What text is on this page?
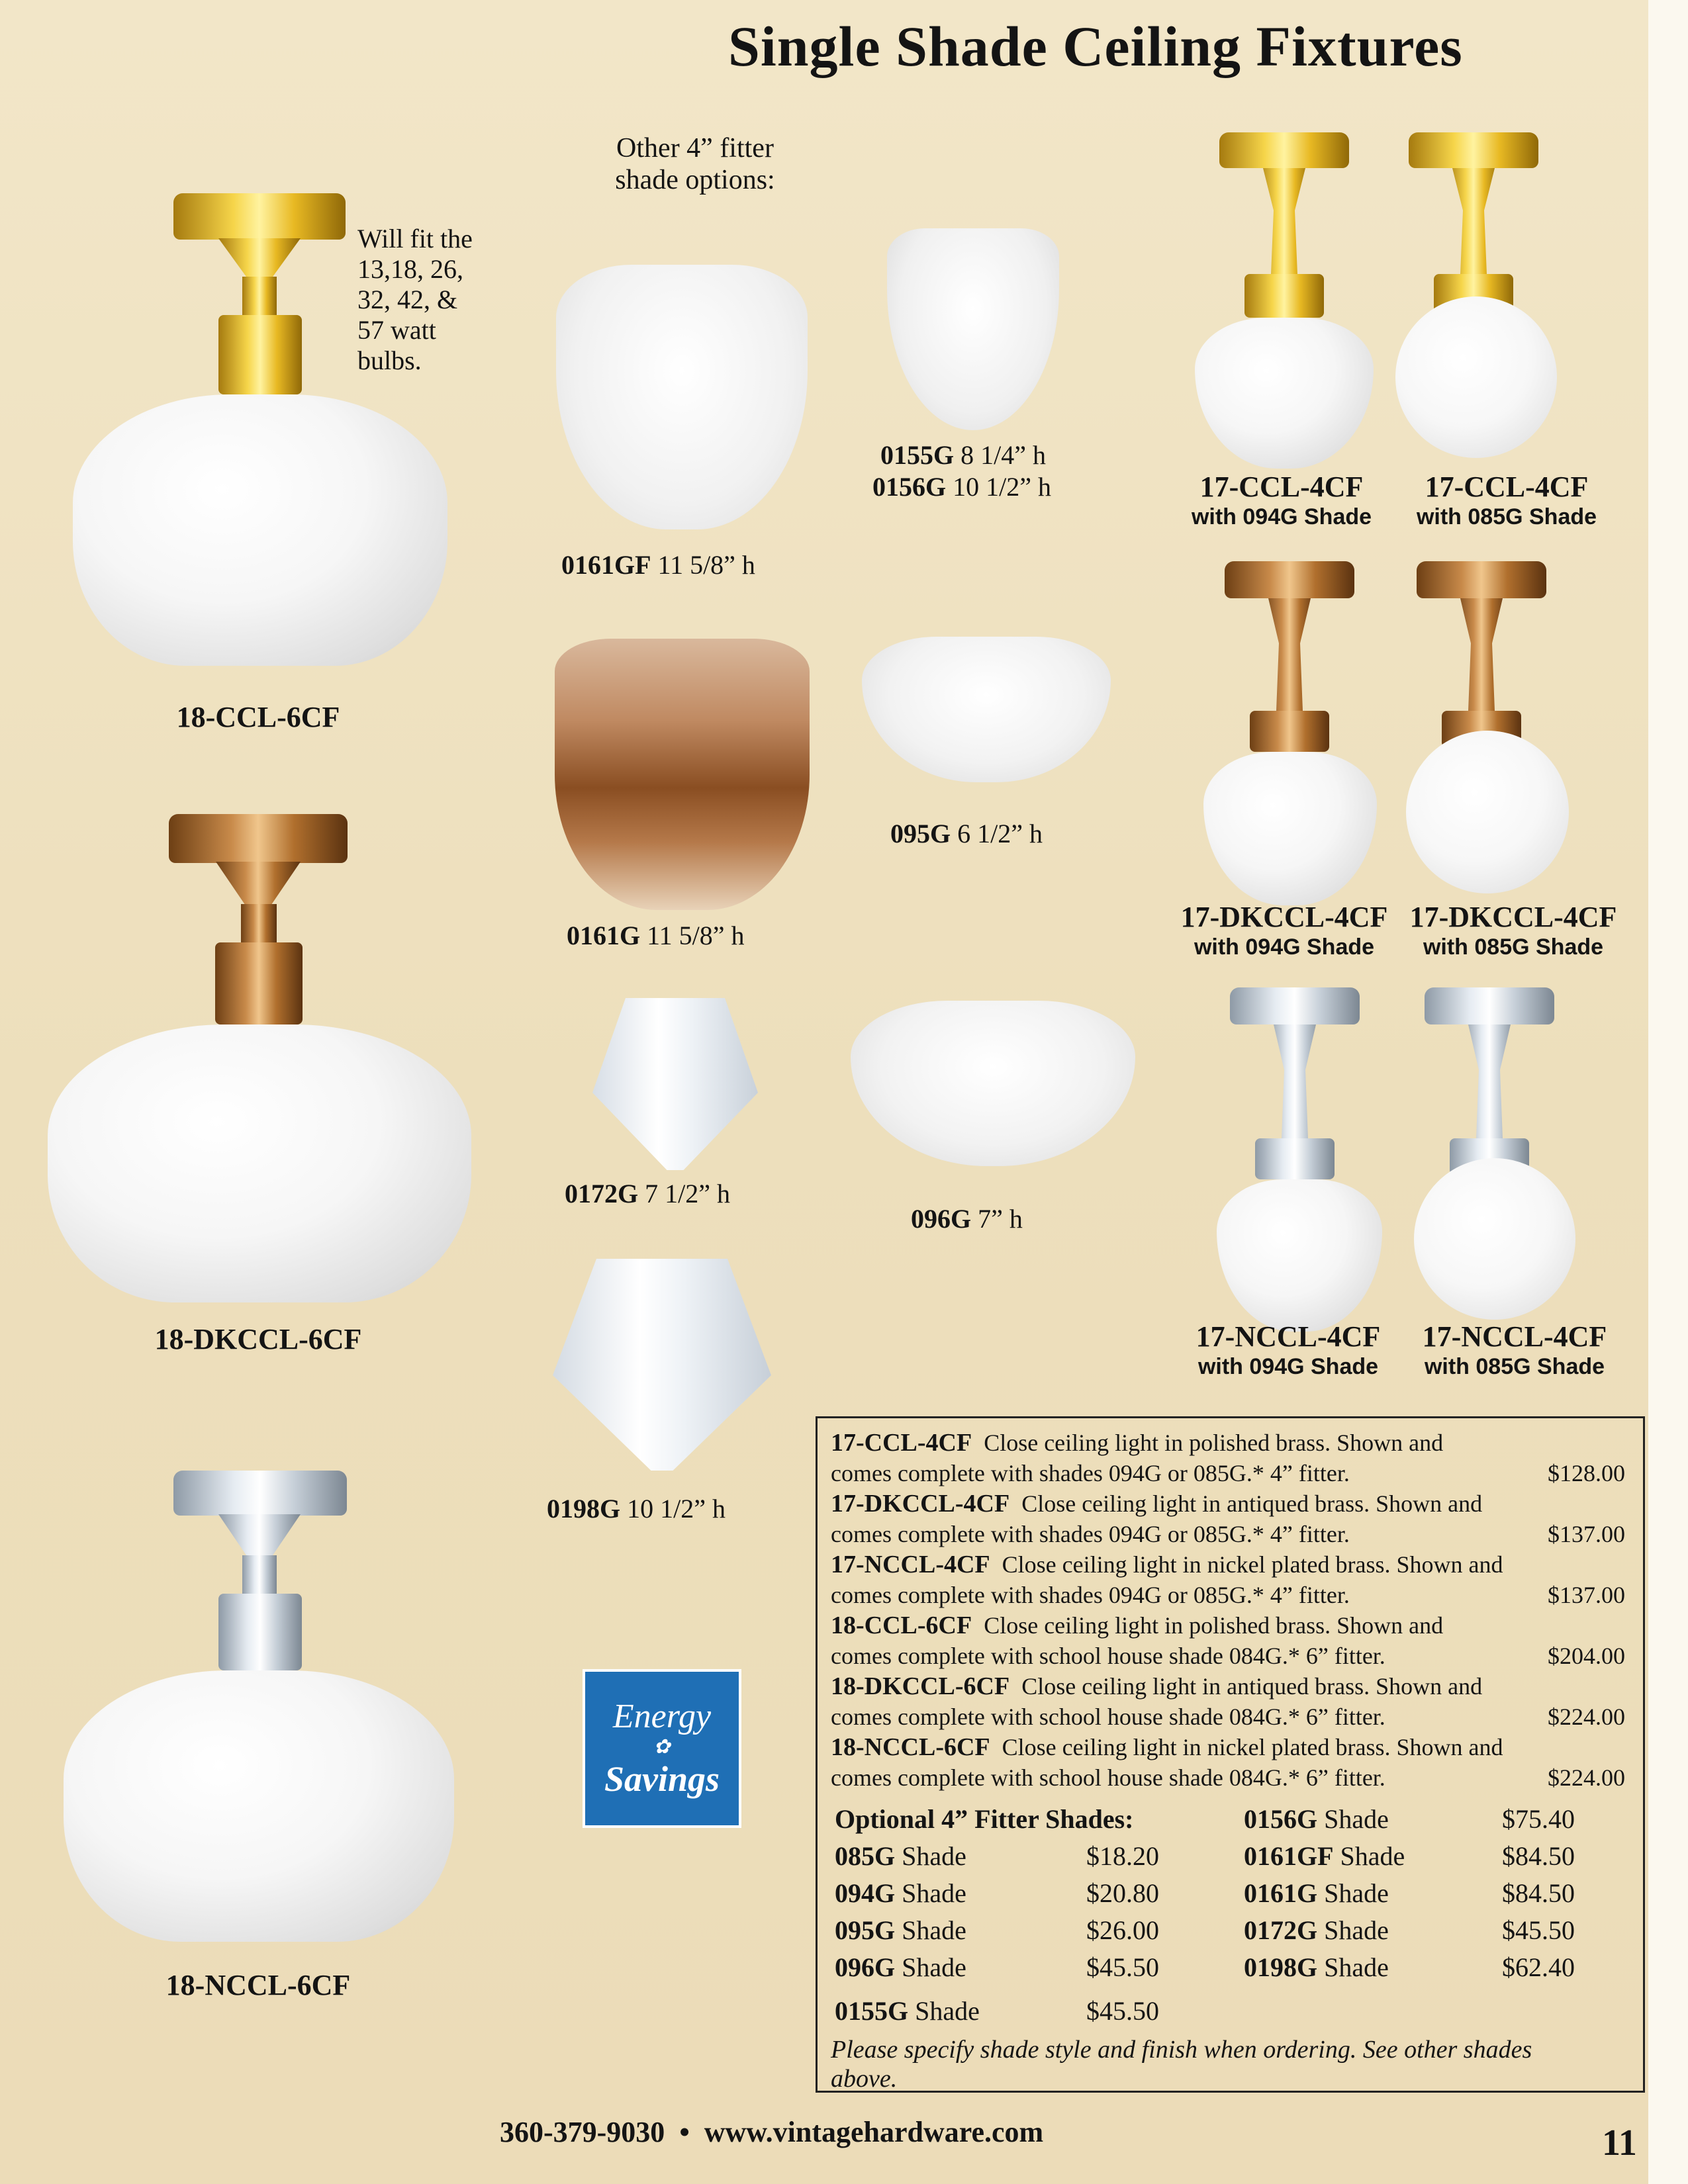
Single Shade Ceiling Fixtures
18-CCL-6CF
Will fit the
13,18, 26,
32, 42, &
57 watt
bulbs.
18-DKCCL-6CF
18-NCCL-6CF
Other 4” fitter
shade options:
0161GF 11 5/8” h
0155G 8 1/4” h
0156G 10 1/2” h
0161G 11 5/8” h
095G 6 1/2” h
0172G 7 1/2” h
096G 7” h
0198G 10 1/2” h
Energy
✿
Savings
17-CCL-4CF
with 094G Shade
17-CCL-4CF
with 085G Shade
17-DKCCL-4CF
with 094G Shade
17-DKCCL-4CF
with 085G Shade
17-NCCL-4CF
with 094G Shade
17-NCCL-4CF
with 085G Shade
17-CCL-4CF Close ceiling light in polished brass. Shown and
comes complete with shades 094G or 085G.* 4” fitter.	$128.00
17-DKCCL-4CF Close ceiling light in antiqued brass. Shown and
comes complete with shades 094G or 085G.* 4” fitter.	$137.00
17-NCCL-4CF Close ceiling light in nickel plated brass. Shown and
comes complete with shades 094G or 085G.* 4” fitter.	$137.00
18-CCL-6CF Close ceiling light in polished brass. Shown and
comes complete with school house shade 084G.* 6” fitter.	$204.00
18-DKCCL-6CF Close ceiling light in antiqued brass. Shown and
comes complete with school house shade 084G.* 6” fitter.	$224.00
18-NCCL-6CF Close ceiling light in nickel plated brass. Shown and
comes complete with school house shade 084G.* 6” fitter.	$224.00
Optional 4” Fitter Shades:
085G Shade	$18.20
094G Shade	$20.80
095G Shade	$26.00
096G Shade	$45.50
0156G Shade	$75.40
0161GF Shade	$84.50
0161G Shade	$84.50
0172G Shade	$45.50
0198G Shade	$62.40
0155G Shade	$45.50
Please specify shade style and finish when ordering. See other shades
above.
360-379-9030 • www.vintagehardware.com	11
